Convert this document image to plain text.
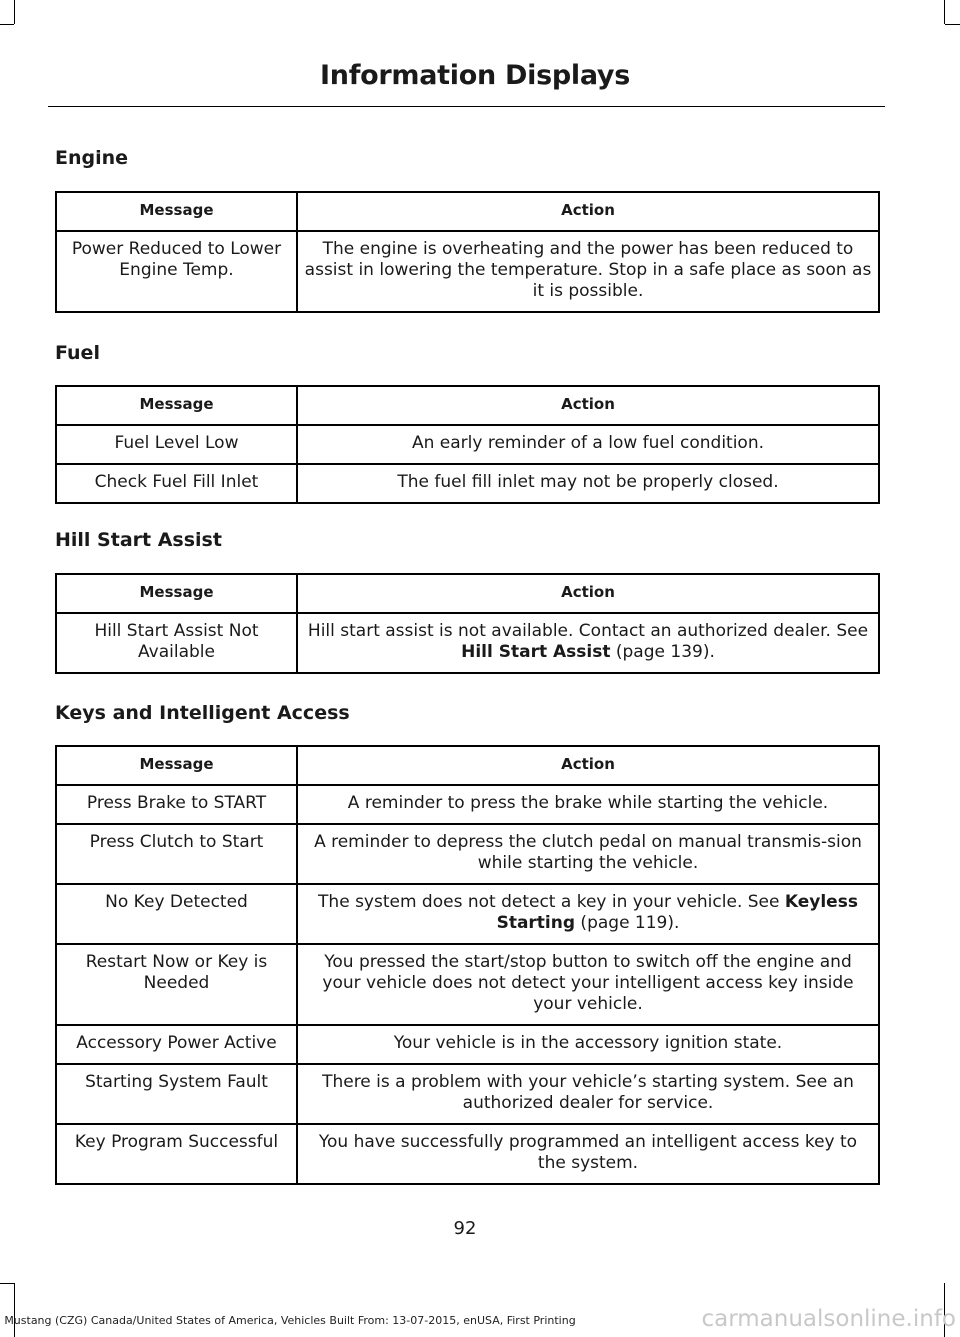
Information Displays
Engine
Message	Action
Power Reduced to Lower Engine Temp.	The engine is overheating and the power has been reduced to assist in lowering the temperature. Stop in a safe place as soon as it is possible.
Fuel
Message	Action
Fuel Level Low	An early reminder of a low fuel condition.
Check Fuel Fill Inlet	The fuel fill inlet may not be properly closed.
Hill Start Assist
Message	Action
Hill Start Assist Not Available	Hill start assist is not available. Contact an authorized dealer. See Hill Start Assist (page 139).
Keys and Intelligent Access
Message	Action
Press Brake to START	A reminder to press the brake while starting the vehicle.
Press Clutch to Start	A reminder to depress the clutch pedal on manual transmis-sion while starting the vehicle.
No Key Detected	The system does not detect a key in your vehicle. See Keyless Starting (page 119).
Restart Now or Key is Needed	You pressed the start/stop button to switch off the engine and your vehicle does not detect your intelligent access key inside your vehicle.
Accessory Power Active	Your vehicle is in the accessory ignition state.
Starting System Fault	There is a problem with your vehicle’s starting system. See an authorized dealer for service.
Key Program Successful	You have successfully programmed an intelligent access key to the system.
92
Mustang (CZG) Canada/United States of America, Vehicles Built From: 13-07-2015, enUSA, First Printing	carmanualsonline.info
